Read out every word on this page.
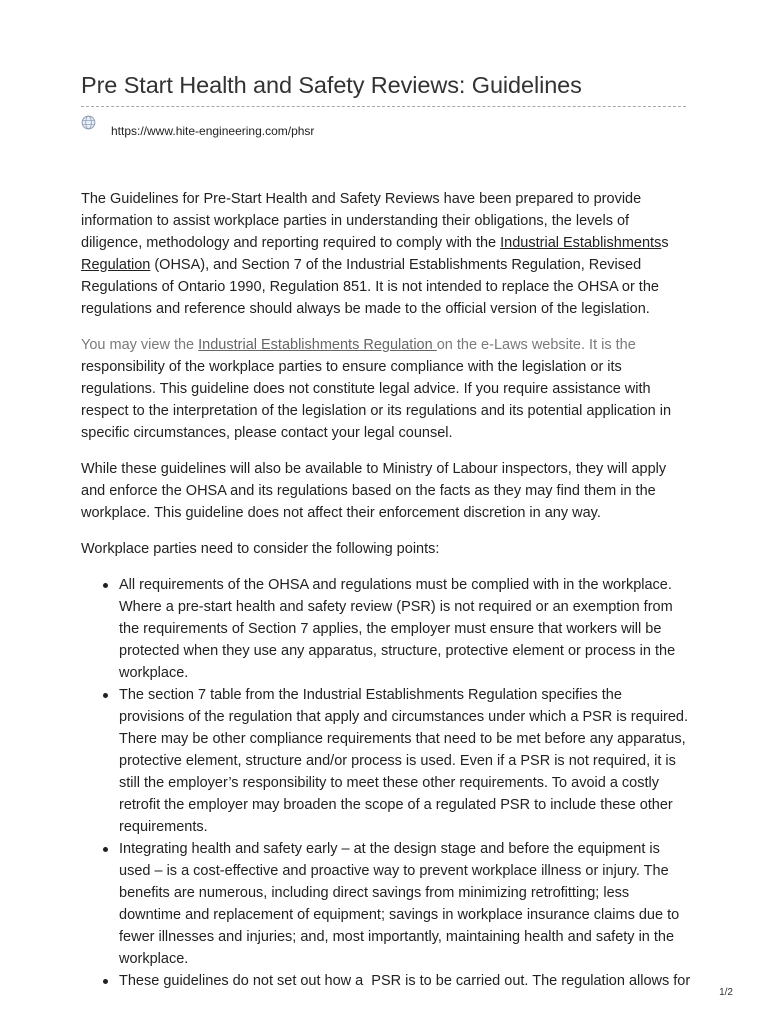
Pre Start Health and Safety Reviews: Guidelines
https://www.hite-engineering.com/phsr

The Guidelines for Pre-Start Health and Safety Reviews have been prepared to provide
information to assist workplace parties in understanding their obligations, the levels of
diligence, methodology and reporting required to comply with the Industrial Establishmentss
Regulation (OHSA), and Section 7 of the Industrial Establishments Regulation, Revised
Regulations of Ontario 1990, Regulation 851. It is not intended to replace the OHSA or the
regulations and reference should always be made to the official version of the legislation.

You may view the Industrial Establishments Regulation on the e-Laws website. It is the
responsibility of the workplace parties to ensure compliance with the legislation or its
regulations. This guideline does not constitute legal advice. If you require assistance with
respect to the interpretation of the legislation or its regulations and its potential application in
specific circumstances, please contact your legal counsel.

While these guidelines will also be available to Ministry of Labour inspectors, they will apply
and enforce the OHSA and its regulations based on the facts as they may find them in the
workplace. This guideline does not affect their enforcement discretion in any way.

Workplace parties need to consider the following points:

All requirements of the OHSA and regulations must be complied with in the workplace.
Where a pre-start health and safety review (PSR) is not required or an exemption from
the requirements of Section 7 applies, the employer must ensure that workers will be
protected when they use any apparatus, structure, protective element or process in the
workplace.
The section 7 table from the Industrial Establishments Regulation specifies the
provisions of the regulation that apply and circumstances under which a PSR is required.
There may be other compliance requirements that need to be met before any apparatus,
protective element, structure and/or process is used. Even if a PSR is not required, it is
still the employer’s responsibility to meet these other requirements. To avoid a costly
retrofit the employer may broaden the scope of a regulated PSR to include these other
requirements.
Integrating health and safety early – at the design stage and before the equipment is
used – is a cost-effective and proactive way to prevent workplace illness or injury. The
benefits are numerous, including direct savings from minimizing retrofitting; less
downtime and replacement of equipment; savings in workplace insurance claims due to
fewer illnesses and injuries; and, most importantly, maintaining health and safety in the
workplace.
These guidelines do not set out how a  PSR is to be carried out. The regulation allows for
1/2
